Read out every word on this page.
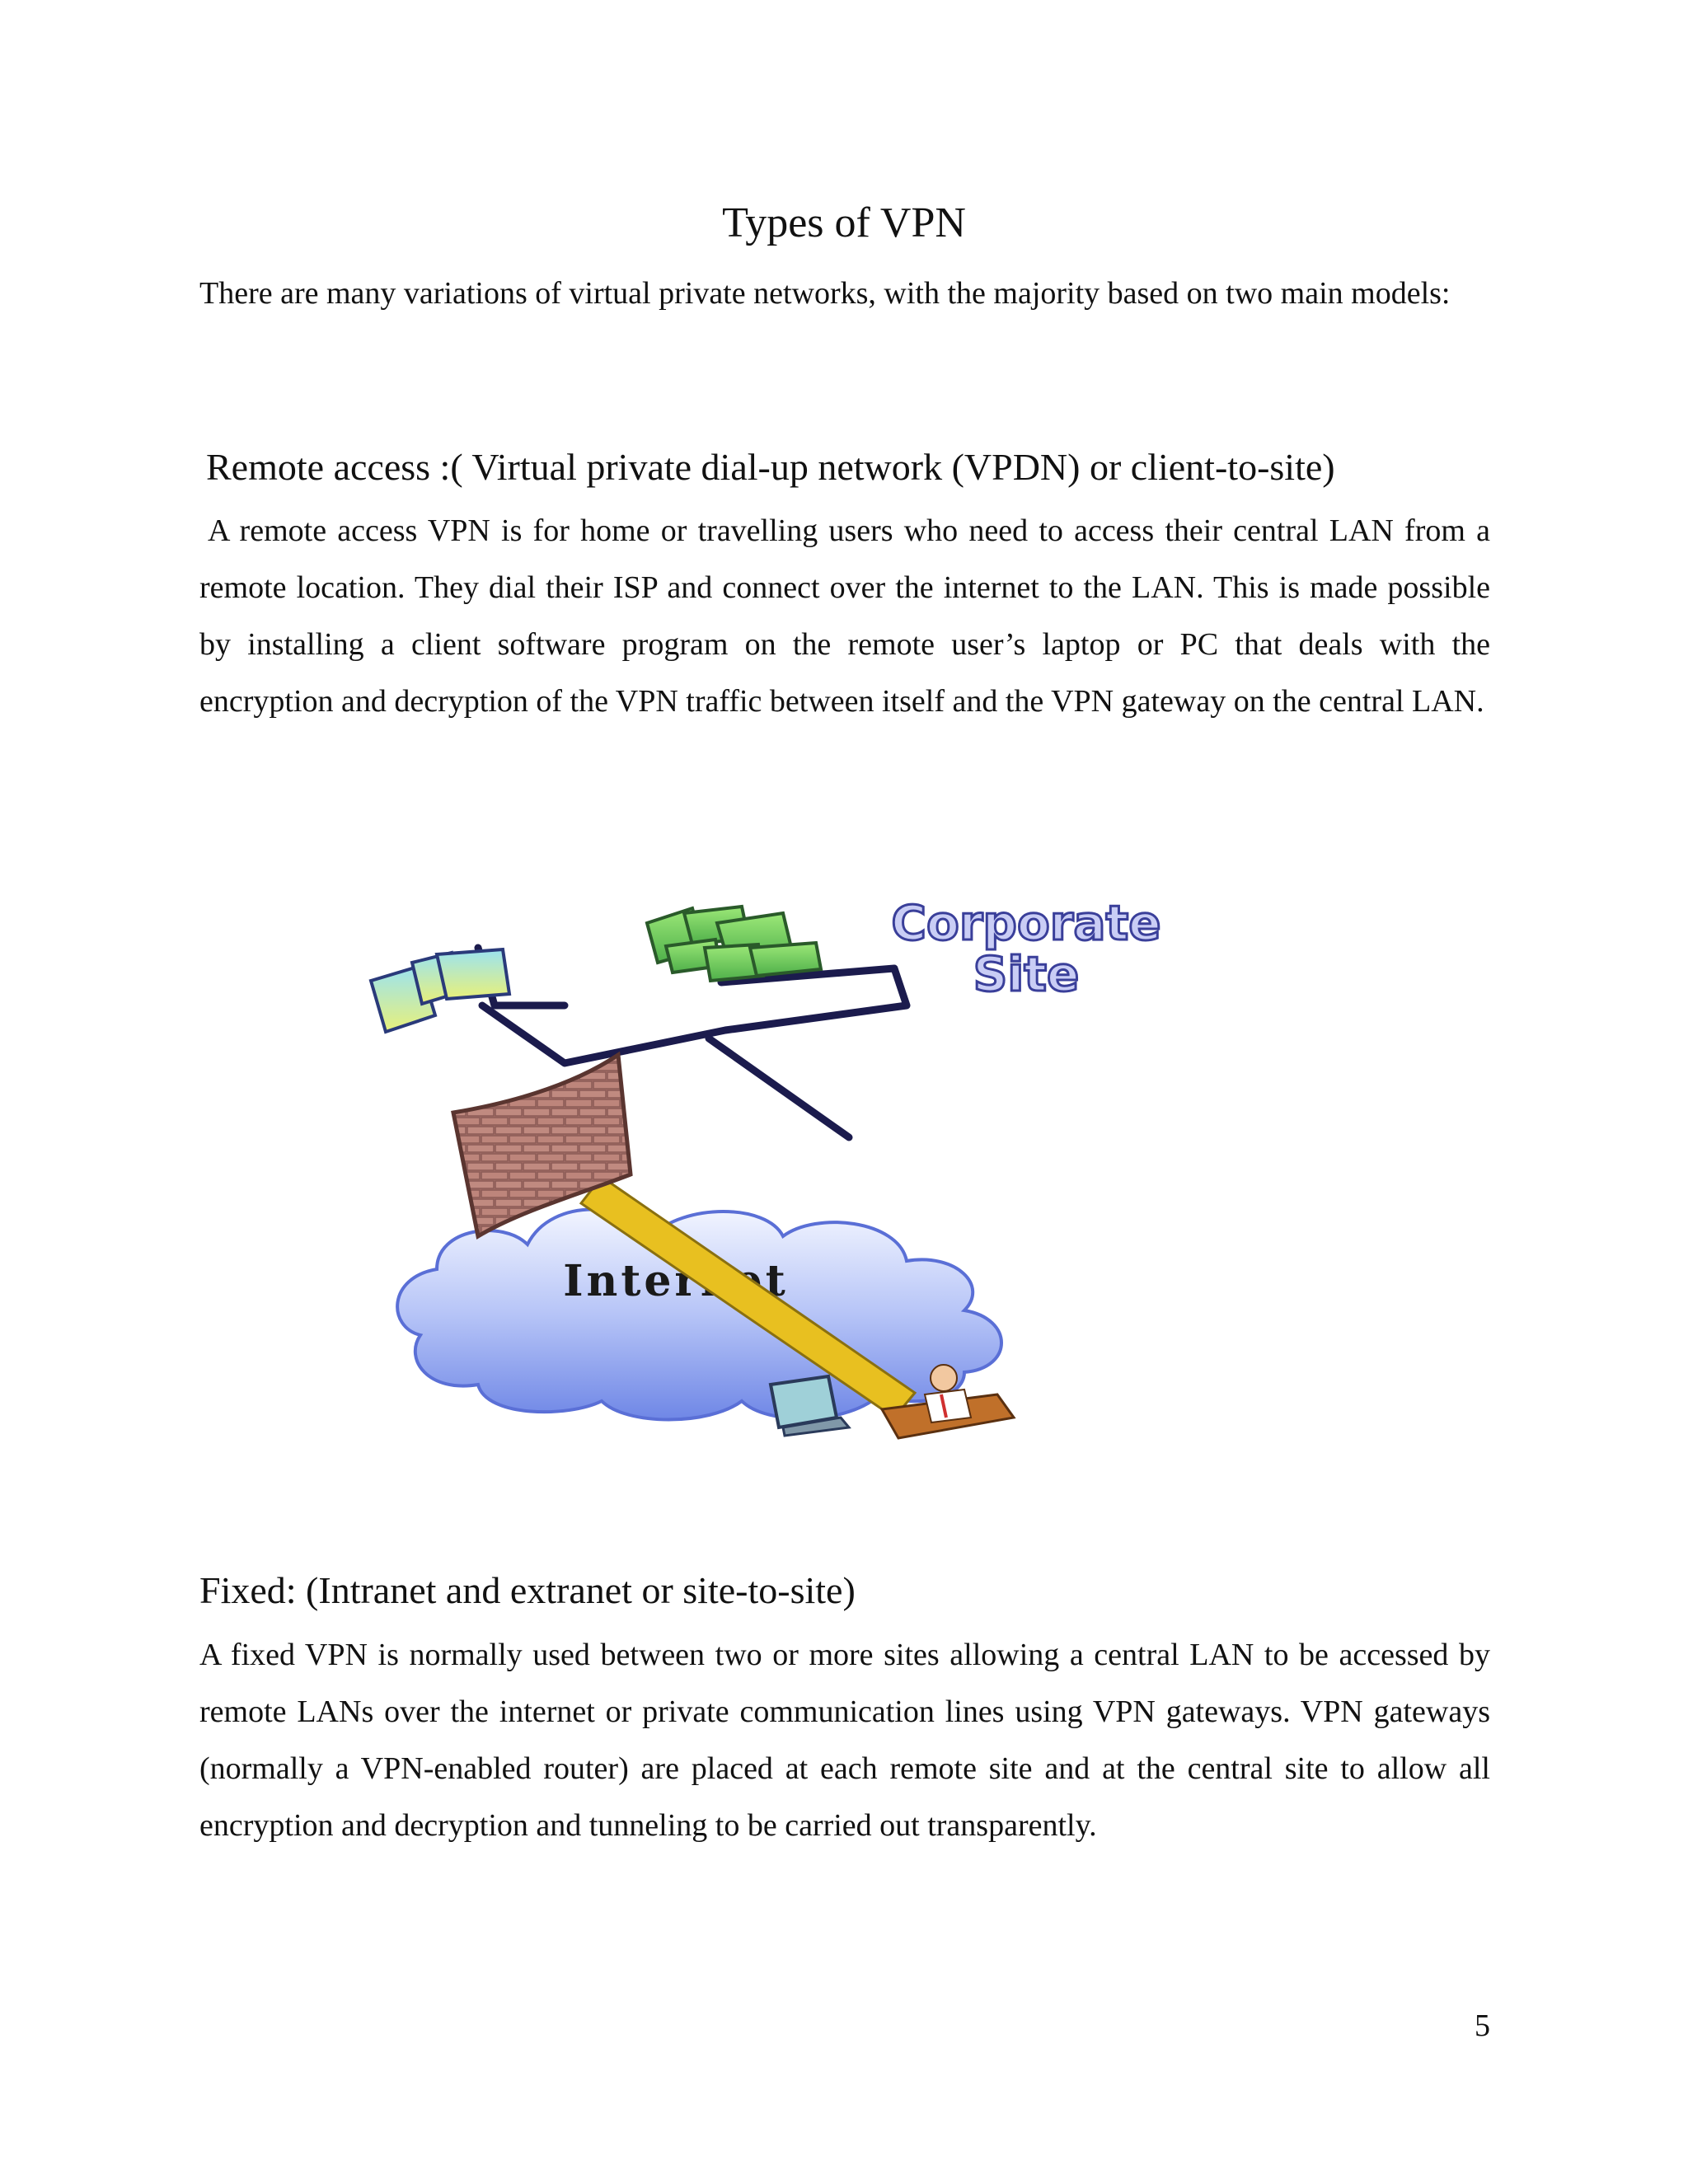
Types of VPN

There are many variations of virtual private networks, with the majority based on two main models:

Remote access :( Virtual private dial-up network (VPDN) or client-to-site)

A remote access VPN is for home or travelling users who need to access their central LAN from a remote location. They dial their ISP and connect over the internet to the LAN. This is made possible by installing a client software program on the remote user’s laptop or PC that deals with the encryption and decryption of the VPN traffic between itself and the VPN gateway on the central LAN.

Corporate
Site
Internet
Fixed: (Intranet and extranet or site-to-site)

A fixed VPN is normally used between two or more sites allowing a central LAN to be accessed by remote LANs over the internet or private communication lines using VPN gateways. VPN gateways (normally a VPN-enabled router) are placed at each remote site and at the central site to allow all encryption and decryption and tunneling to be carried out transparently.

5
